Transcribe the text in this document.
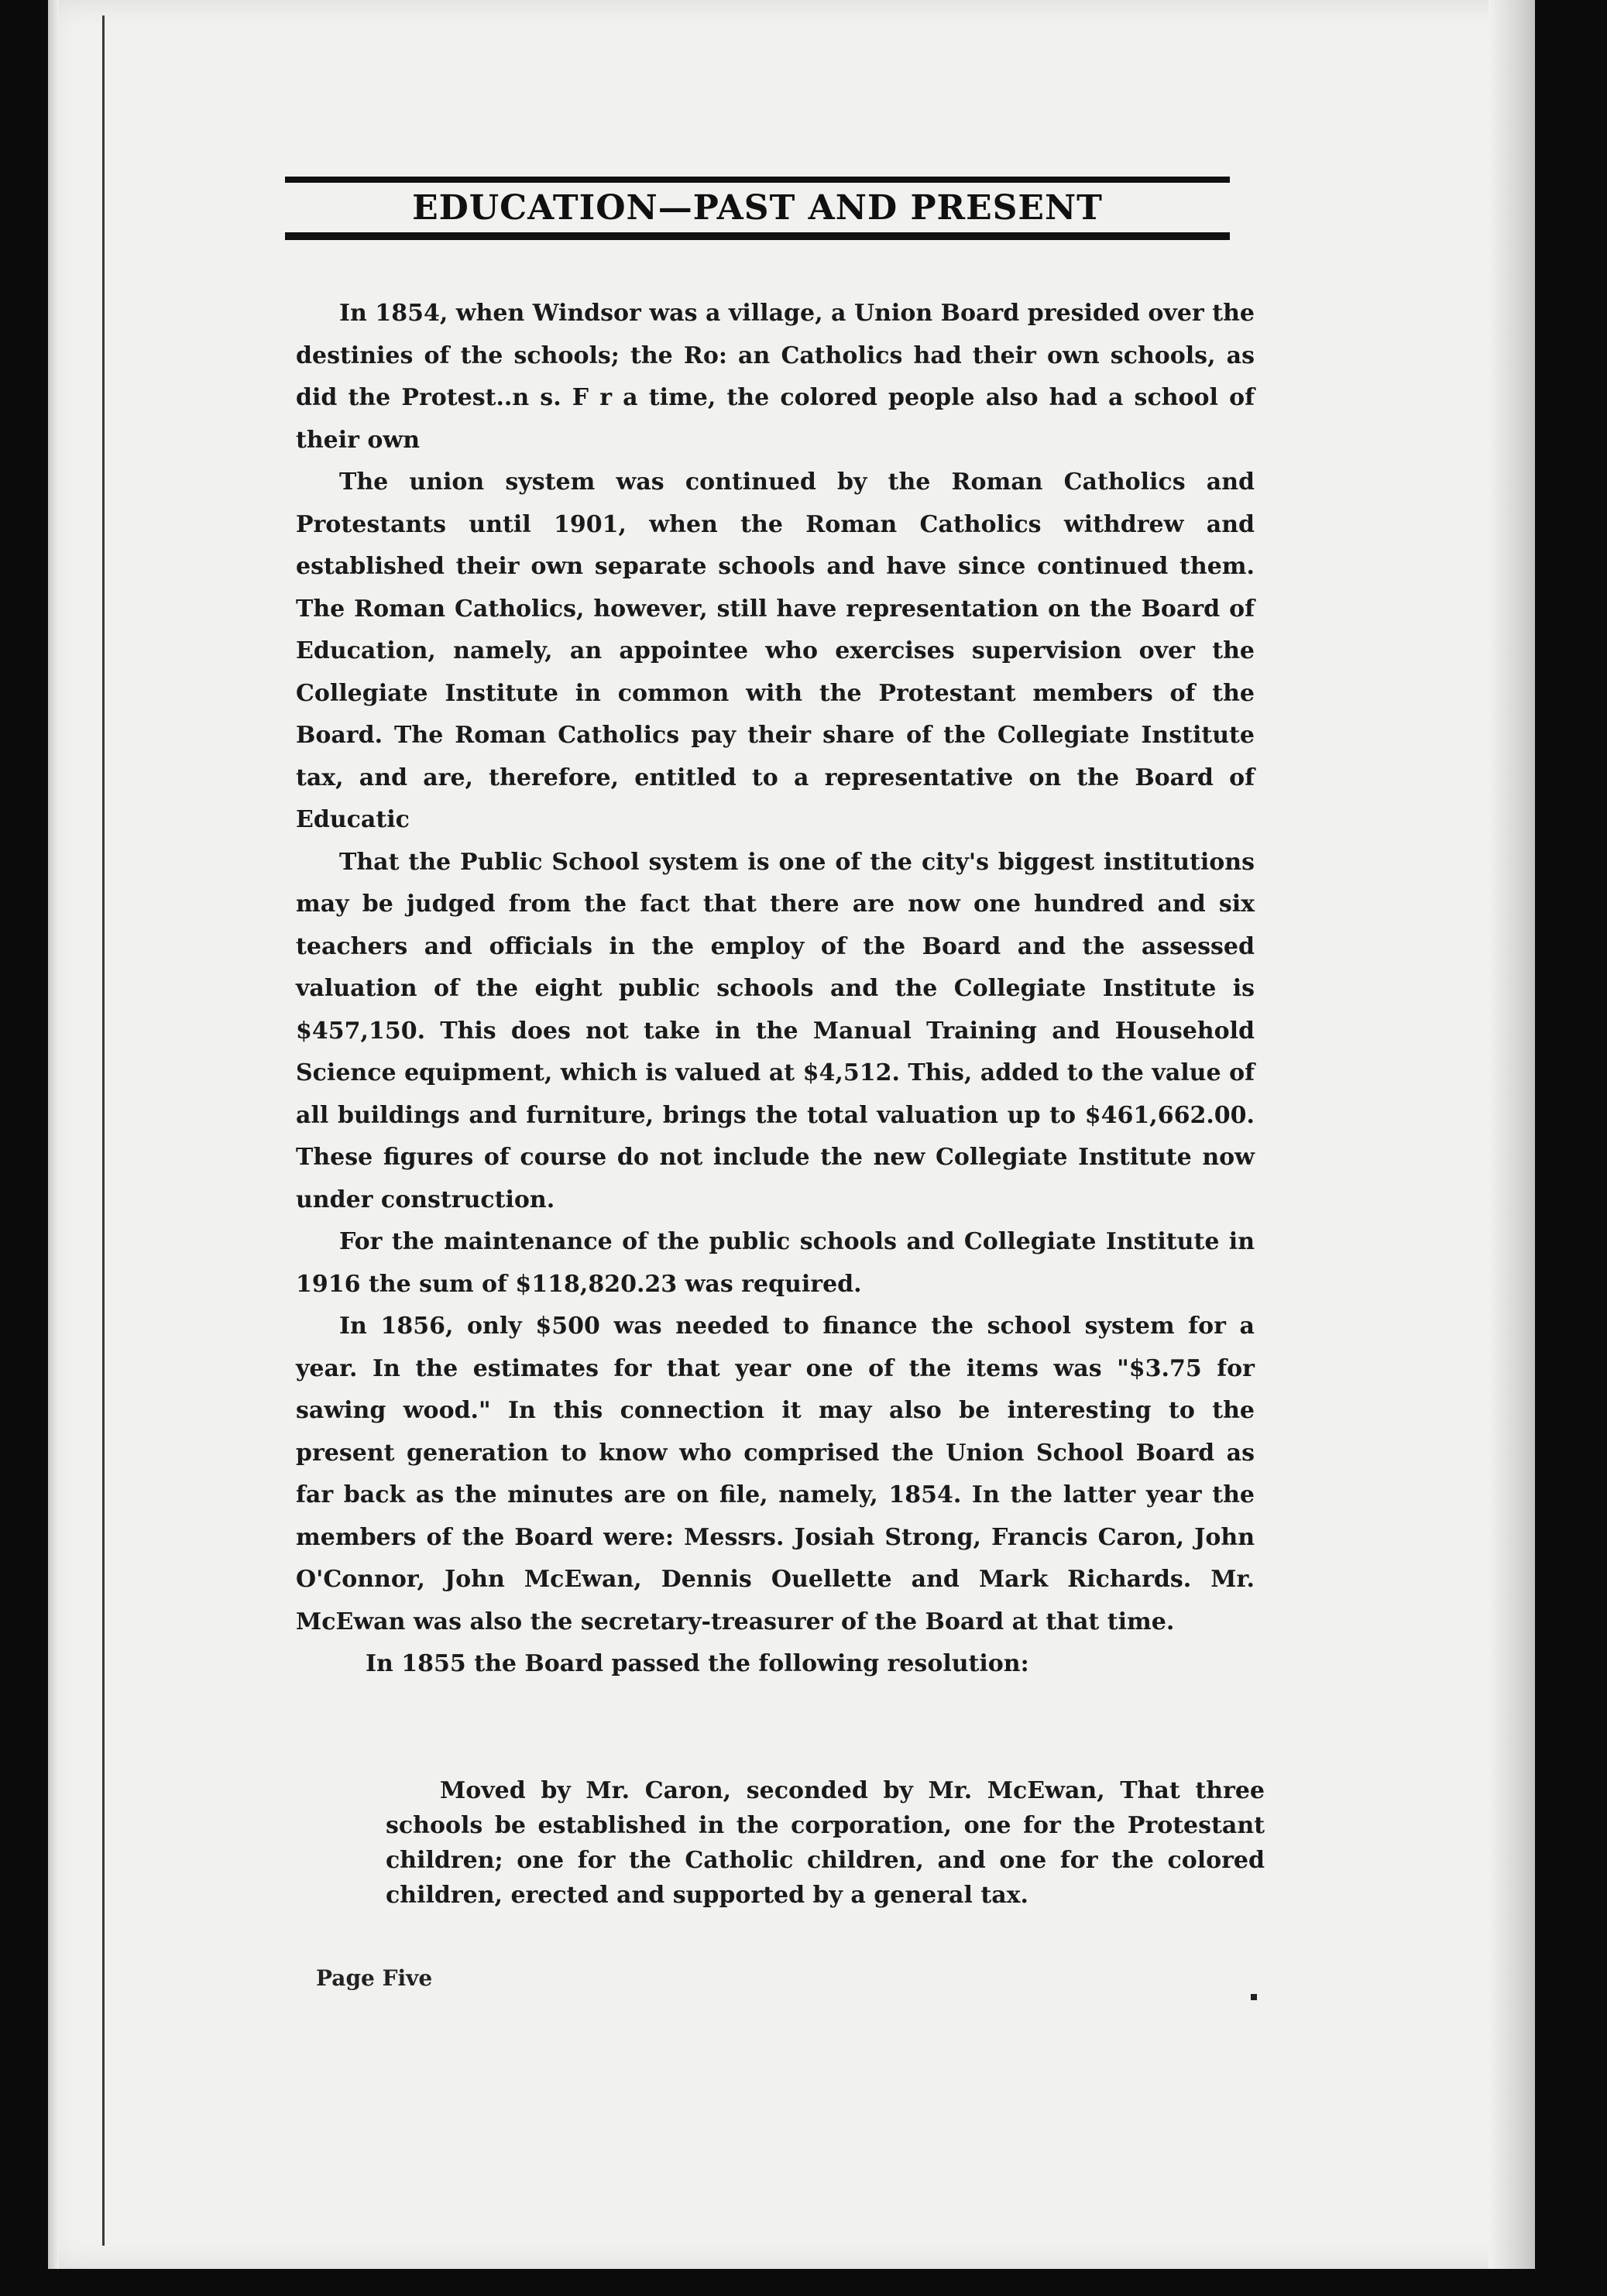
EDUCATION—PAST AND PRESENT

In 1854, when Windsor was a village, a Union Board presided over the destinies of the schools; the Ro: an Catholics had their own schools, as did the Protest..n s. F r a time, the colored people also had a school of their own

The union system was continued by the Roman Catholics and Protestants until 1901, when the Roman Catholics withdrew and established their own separate schools and have since continued them. The Roman Catholics, however, still have representation on the Board of Education, namely, an appointee who exercises supervision over the Collegiate Institute in common with the Protestant members of the Board. The Roman Catholics pay their share of the Collegiate Institute tax, and are, therefore, entitled to a representative on the Board of Educatic

That the Public School system is one of the city's biggest institutions may be judged from the fact that there are now one hundred and six teachers and officials in the employ of the Board and the assessed valuation of the eight public schools and the Collegiate Institute is $457,150. This does not take in the Manual Training and Household Science equipment, which is valued at $4,512. This, added to the value of all buildings and furniture, brings the total valuation up to $461,662.00. These figures of course do not include the new Collegiate Institute now under construction.

For the maintenance of the public schools and Collegiate Institute in 1916 the sum of $118,820.23 was required.

In 1856, only $500 was needed to finance the school system for a year. In the estimates for that year one of the items was "$3.75 for sawing wood." In this connection it may also be interesting to the present generation to know who comprised the Union School Board as far back as the minutes are on file, namely, 1854. In the latter year the members of the Board were: Messrs. Josiah Strong, Francis Caron, John O'Connor, John McEwan, Dennis Ouellette and Mark Richards. Mr. McEwan was also the secretary-treasurer of the Board at that time.

In 1855 the Board passed the following resolution:

Moved by Mr. Caron, seconded by Mr. McEwan, That three schools be established in the corporation, one for the Protestant children; one for the Catholic children, and one for the colored children, erected and supported by a general tax.
Page Five
